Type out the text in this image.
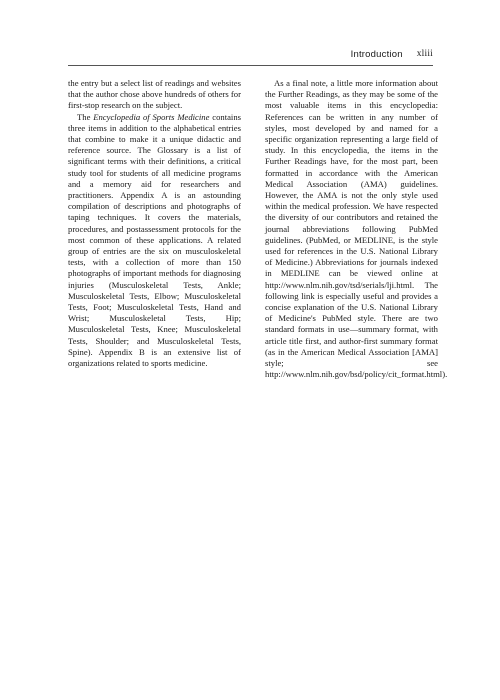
Introduction xliii

the entry but a select list of readings and websites that the author chose above hundreds of others for first-stop research on the subject.

The Encyclopedia of Sports Medicine contains three items in addition to the alphabetical entries that combine to make it a unique didactic and reference source. The Glossary is a list of significant terms with their definitions, a critical study tool for students of all medicine programs and a memory aid for researchers and practitioners. Appendix A is an astounding compilation of descriptions and photographs of taping techniques. It covers the materials, procedures, and postassessment protocols for the most common of these applications. A related group of entries are the six on musculoskeletal tests, with a collection of more than 150 photographs of important methods for diagnosing injuries (Musculoskeletal Tests, Ankle; Musculoskeletal Tests, Elbow; Musculoskeletal Tests, Foot; Musculoskeletal Tests, Hand and Wrist; Musculoskeletal Tests, Hip; Musculoskeletal Tests, Knee; Musculoskeletal Tests, Shoulder; and Musculoskeletal Tests, Spine). Appendix B is an extensive list of organizations related to sports medicine.

As a final note, a little more information about the Further Readings, as they may be some of the most valuable items in this encyclopedia: References can be written in any number of styles, most developed by and named for a specific organization representing a large field of study. In this encyclopedia, the items in the Further Readings have, for the most part, been formatted in accordance with the American Medical Association (AMA) guidelines. However, the AMA is not the only style used within the medical profession. We have respected the diversity of our contributors and retained the journal abbreviations following PubMed guidelines. (PubMed, or MEDLINE, is the style used for references in the U.S. National Library of Medicine.) Abbreviations for journals indexed in MEDLINE can be viewed online at http://www.nlm.nih.gov/tsd/serials/lji.html. The following link is especially useful and provides a concise explanation of the U.S. National Library of Medicine's PubMed style. There are two standard formats in use—summary format, with article title first, and author-first summary format (as in the American Medical Association [AMA] style; see http://www.nlm.nih.gov/bsd/policy/cit_format.html).
